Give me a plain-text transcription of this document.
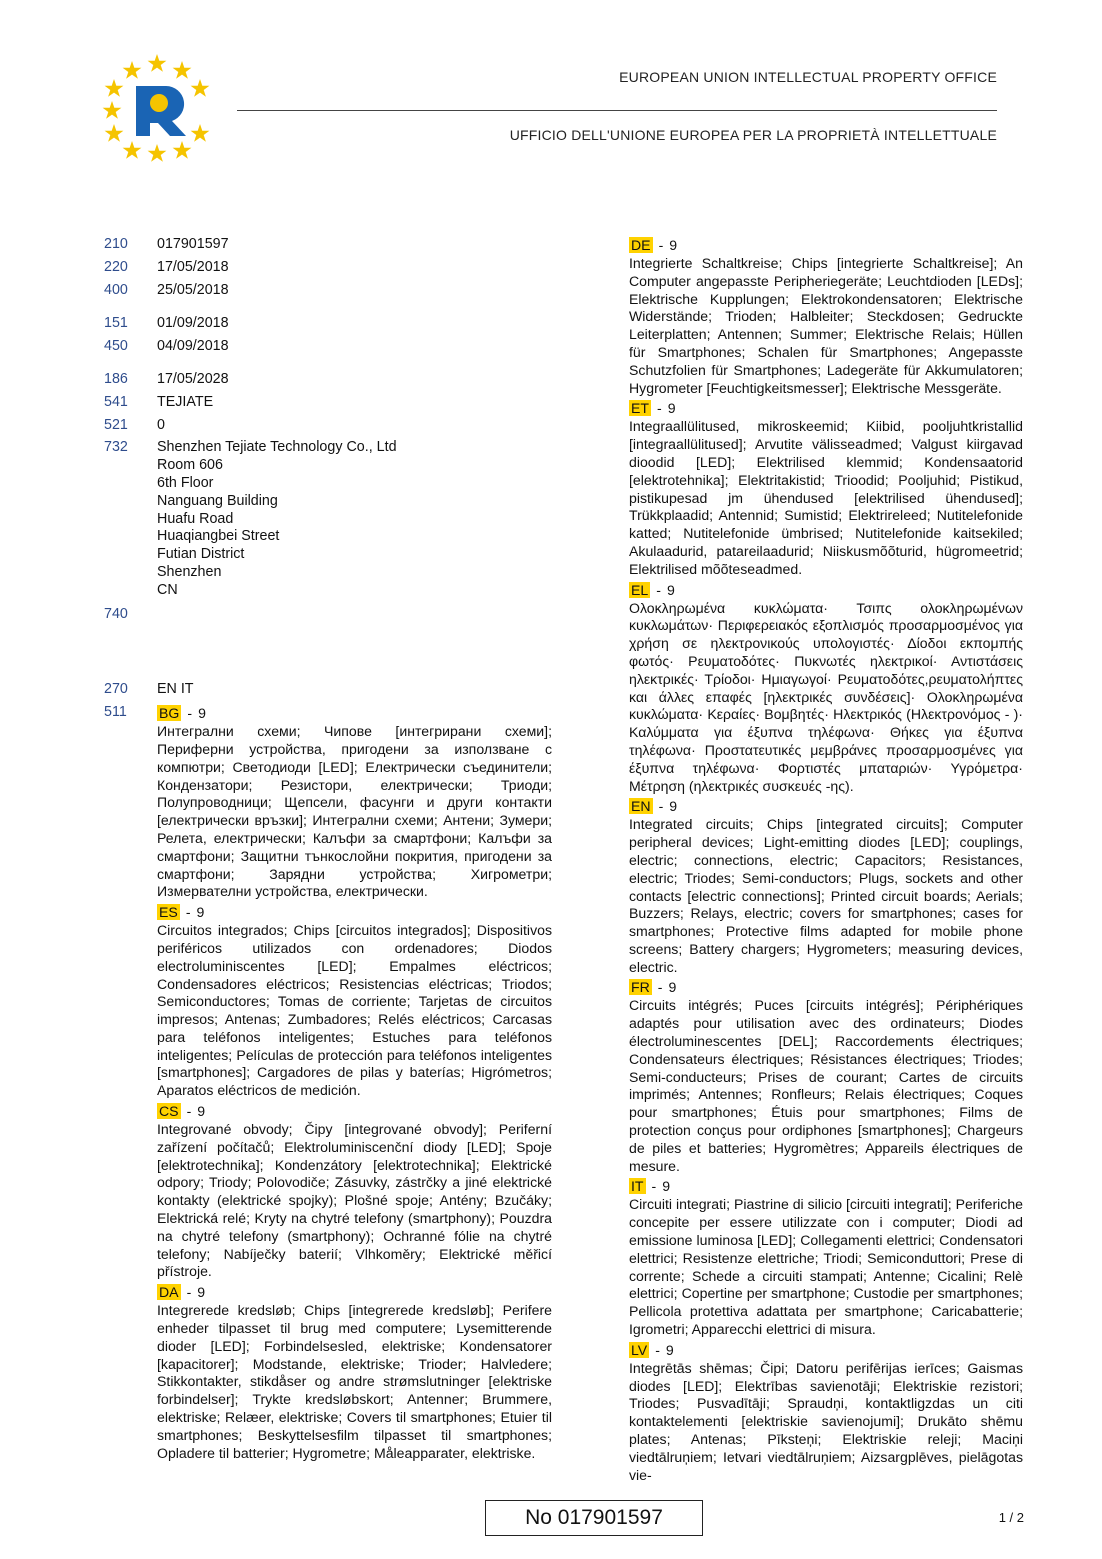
EUROPEAN UNION INTELLECTUAL PROPERTY OFFICE
UFFICIO DELL'UNIONE EUROPEA PER LA PROPRIETÀ INTELLETTUALE
210	017901597
220	17/05/2018
400	25/05/2018
151	01/09/2018
450	04/09/2018
186	17/05/2028
541	TEJIATE
521	0
732	Shenzhen Tejiate Technology Co., Ltd
Room 606
6th Floor
Nanguang Building
Huafu Road
Huaqiangbei Street
Futian District
Shenzhen
CN
740
270	EN IT
511	BG - 9
Интегрални схеми; Чипове [интегрирани схеми]; Периферни устройства, пригодени за използване с компютри; Светодиоди [LED]; Електрически съединители; Кондензатори; Резистори, електрически; Триоди; Полупроводници; Щепсели, фасунги и други контакти [електрически връзки]; Интегрални схеми; Антени; Зумери; Релета, електрически; Калъфи за смартфони; Калъфи за смартфони; Защитни тънкослойни покрития, пригодени за смартфони; Зарядни устройства; Хигрометри; Измервателни устройства, електрически.
ES - 9
Circuitos integrados; Chips [circuitos integrados]; Dispositivos periféricos utilizados con ordenadores; Diodos electroluminiscentes [LED]; Empalmes eléctricos; Condensadores eléctricos; Resistencias eléctricas; Triodos; Semiconductores; Tomas de corriente; Tarjetas de circuitos impresos; Antenas; Zumbadores; Relés eléctricos; Carcasas para teléfonos inteligentes; Estuches para teléfonos inteligentes; Películas de protección para teléfonos inteligentes [smartphones]; Cargadores de pilas y baterías; Higrómetros; Aparatos eléctricos de medición.
CS - 9
Integrované obvody; Čipy [integrované obvody]; Periferní zařízení počítačů; Elektroluminiscenční diody [LED]; Spoje [elektrotechnika]; Kondenzátory [elektrotechnika]; Elektrické odpory; Triody; Polovodiče; Zásuvky, zástrčky a jiné elektrické kontakty (elektrické spojky); Plošné spoje; Antény; Bzučáky; Elektrická relé; Kryty na chytré telefony (smartphony); Pouzdra na chytré telefony (smartphony); Ochranné fólie na chytré telefony; Nabíječky baterií; Vlhkoměry; Elektrické měřicí přístroje.
DA - 9
Integrerede kredsløb; Chips [integrerede kredsløb]; Perifere enheder tilpasset til brug med computere; Lysemitterende dioder [LED]; Forbindelsesled, elektriske; Kondensatorer [kapacitorer]; Modstande, elektriske; Trioder; Halvledere; Stikkontakter, stikdåser og andre strømslutninger [elektriske forbindelser]; Trykte kredsløbskort; Antenner; Brummere, elektriske; Relæer, elektriske; Covers til smartphones; Etuier til smartphones; Beskyttelsesfilm tilpasset til smartphones; Opladere til batterier; Hygrometre; Måleapparater, elektriske.
DE - 9
Integrierte Schaltkreise; Chips [integrierte Schaltkreise]; An Computer angepasste Peripheriegeräte; Leuchtdioden [LEDs]; Elektrische Kupplungen; Elektrokondensatoren; Elektrische Widerstände; Trioden; Halbleiter; Steckdosen; Gedruckte Leiterplatten; Antennen; Summer; Elektrische Relais; Hüllen für Smartphones; Schalen für Smartphones; Angepasste Schutzfolien für Smartphones; Ladegeräte für Akkumulatoren; Hygrometer [Feuchtigkeitsmesser]; Elektrische Messgeräte.
ET - 9
Integraallülitused, mikroskeemid; Kiibid, pooljuhtkristallid [integraallülitused]; Arvutite välisseadmed; Valgust kiirgavad dioodid [LED]; Elektrilised klemmid; Kondensaatorid [elektrotehnika]; Elektritakistid; Trioodid; Pooljuhid; Pistikud, pistikupesad jm ühendused [elektrilised ühendused]; Trükkplaadid; Antennid; Sumistid; Elektrireleed; Nutitelefonide katted; Nutitelefonide ümbrised; Nutitelefonide kaitsekiled; Akulaadurid, patareilaadurid; Niiskusmõõturid, hügromeetrid; Elektrilised mõõteseadmed.
EL - 9
Ολοκληρωμένα κυκλώματα· Τσιπς ολοκληρωμένων κυκλωμάτων· Περιφερειακός εξοπλισμός προσαρμοσμένος για χρήση σε ηλεκτρονικούς υπολογιστές· Δίοδοι εκπομπής φωτός· Ρευματοδότες· Πυκνωτές ηλεκτρικοί· Αντιστάσεις ηλεκτρικές· Τρίοδοι· Ημιαγωγοί· Ρευματοδότες,ρευματολήπτες και άλλες επαφές [ηλεκτρικές συνδέσεις]· Ολοκληρωμένα κυκλώματα· Κεραίες· Βομβητές· Ηλεκτρικός (Ηλεκτρονόμος - )· Καλύμματα για έξυπνα τηλέφωνα· Θήκες για έξυπνα τηλέφωνα· Προστατευτικές μεμβράνες προσαρμοσμένες για έξυπνα τηλέφωνα· Φορτιστές μπαταριών· Υγρόμετρα· Μέτρηση (ηλεκτρικές συσκευές -ης).
EN - 9
Integrated circuits; Chips [integrated circuits]; Computer peripheral devices; Light-emitting diodes [LED]; couplings, electric; connections, electric; Capacitors; Resistances, electric; Triodes; Semi-conductors; Plugs, sockets and other contacts [electric connections]; Printed circuit boards; Aerials; Buzzers; Relays, electric; covers for smartphones; cases for smartphones; Protective films adapted for mobile phone screens; Battery chargers; Hygrometers; measuring devices, electric.
FR - 9
Circuits intégrés; Puces [circuits intégrés]; Périphériques adaptés pour utilisation avec des ordinateurs; Diodes électroluminescentes [DEL]; Raccordements électriques; Condensateurs électriques; Résistances électriques; Triodes; Semi-conducteurs; Prises de courant; Cartes de circuits imprimés; Antennes; Ronfleurs; Relais électriques; Coques pour smartphones; Étuis pour smartphones; Films de protection conçus pour ordiphones [smartphones]; Chargeurs de piles et batteries; Hygromètres; Appareils électriques de mesure.
IT - 9
Circuiti integrati; Piastrine di silicio [circuiti integrati]; Periferiche concepite per essere utilizzate con i computer; Diodi ad emissione luminosa [LED]; Collegamenti elettrici; Condensatori elettrici; Resistenze elettriche; Triodi; Semiconduttori; Prese di corrente; Schede a circuiti stampati; Antenne; Cicalini; Relè elettrici; Copertine per smartphone; Custodie per smartphones; Pellicola protettiva adattata per smartphone; Caricabatterie; Igrometri; Apparecchi elettrici di misura.
LV - 9
Integrētās shēmas; Čipi; Datoru perifērijas ierīces; Gaismas diodes [LED]; Elektrības savienotāji; Elektriskie rezistori; Triodes; Pusvadītāji; Spraudņi, kontaktligzdas un citi kontaktelementi [elektriskie savienojumi]; Drukāto shēmu plates; Antenas; Pīkstеņi; Elektriskie releji; Maciņi viedtālruņiem; Ietvari viedtālruņiem; Aizsargplēves, pielāgotas vie-
No 017901597	1 / 2
